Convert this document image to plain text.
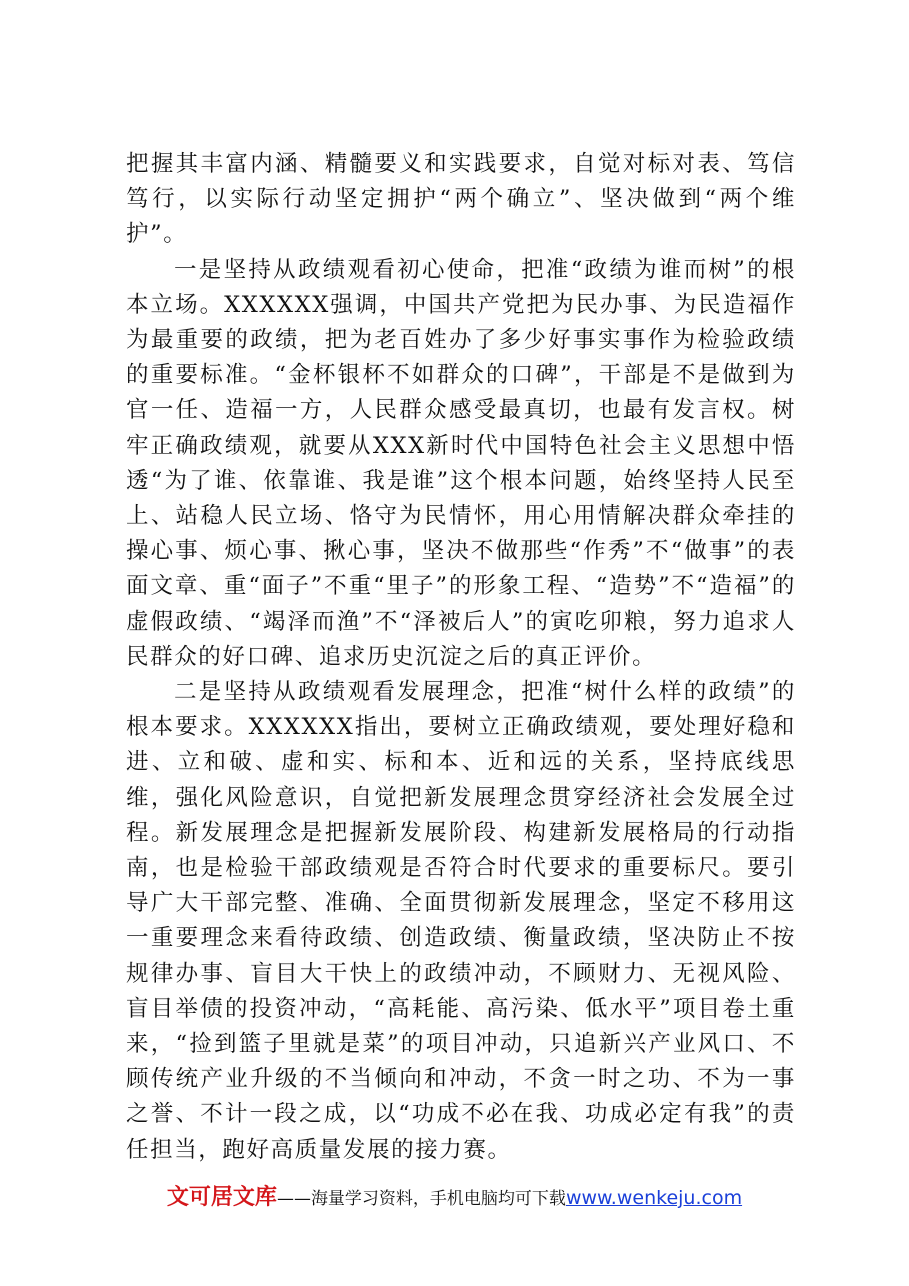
把握其丰富内涵、精髓要义和实践要求，自觉对标对表、笃信笃行，以实际行动坚定拥护“两个确立”、坚决做到“两个维护”。

一是坚持从政绩观看初心使命，把准“政绩为谁而树”的根本立场。XXXXXX强调，中国共产党把为民办事、为民造福作为最重要的政绩，把为老百姓办了多少好事实事作为检验政绩的重要标准。“金杯银杯不如群众的口碑”，干部是不是做到为官一任、造福一方，人民群众感受最真切，也最有发言权。树牢正确政绩观，就要从XXX新时代中国特色社会主义思想中悟透“为了谁、依靠谁、我是谁”这个根本问题，始终坚持人民至上、站稳人民立场、恪守为民情怀，用心用情解决群众牵挂的操心事、烦心事、揪心事，坚决不做那些“作秀”不“做事”的表面文章、重“面子”不重“里子”的形象工程、“造势”不“造福”的虚假政绩、“竭泽而渔”不“泽被后人”的寅吃卯粮，努力追求人民群众的好口碑、追求历史沉淀之后的真正评价。

二是坚持从政绩观看发展理念，把准“树什么样的政绩”的根本要求。XXXXXX指出，要树立正确政绩观，要处理好稳和进、立和破、虚和实、标和本、近和远的关系，坚持底线思维，强化风险意识，自觉把新发展理念贯穿经济社会发展全过程。新发展理念是把握新发展阶段、构建新发展格局的行动指南，也是检验干部政绩观是否符合时代要求的重要标尺。要引导广大干部完整、准确、全面贯彻新发展理念，坚定不移用这一重要理念来看待政绩、创造政绩、衡量政绩，坚决防止不按规律办事、盲目大干快上的政绩冲动，不顾财力、无视风险、盲目举债的投资冲动，“高耗能、高污染、低水平”项目卷土重来，“捡到篮子里就是菜”的项目冲动，只追新兴产业风口、不顾传统产业升级的不当倾向和冲动，不贪一时之功、不为一事之誉、不计一段之成，以“功成不必在我、功成必定有我”的责任担当，跑好高质量发展的接力赛。

文可居文库——海量学习资料，手机电脑均可下载www.wenkeju.com
